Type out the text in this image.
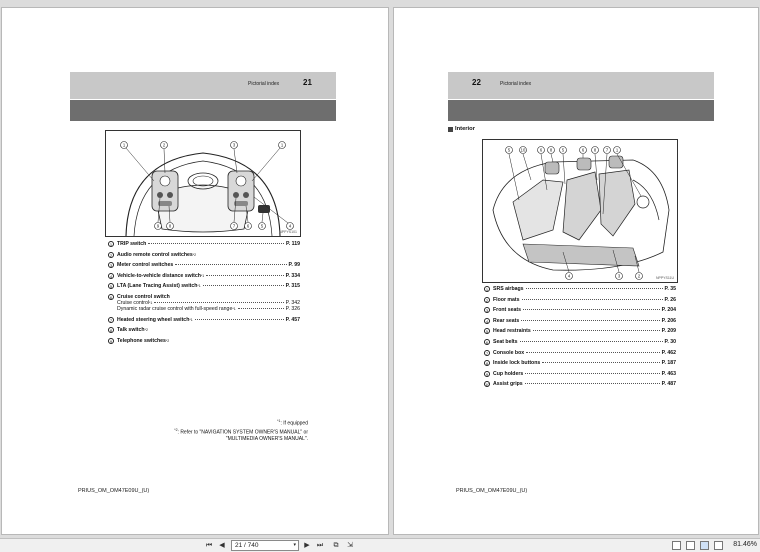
Pictorial index	21
1	2	3	1
9 8	7	6	5	4
NPPYS101
1 TRIP switch	P. 119
2 Audio remote control switches *2
3 Meter control switches	P. 99
4 Vehicle-to-vehicle distance switch *1	P. 334
5 LTA (Lane Tracing Assist) switch *1	P. 315
6 Cruise control switch
Cruise control *1	P. 342
Dynamic radar cruise control with full-speed range *1	P. 326
7 Heated steering wheel switch *1	P. 457
8 Talk switch *2
9 Telephone switches *2
$^{*1}$: If equipped
$^{*2}$: Refer to "NAVIGATION SYSTEM OWNER'S MANUAL" or
"MULTIMEDIA OWNER'S MANUAL".
PRIUS_OM_OM47E09U_(U)
22	Pictorial index
Interior
5 10	6 8 5	6 8 7 1
4	3	2	NPPYS11U
1 SRS airbags	P. 35
2 Floor mats	P. 26
3 Front seats	P. 204
4 Rear seats	P. 206
5 Head restraints	P. 209
6 Seat belts	P. 30
7 Console box	P. 462
8 Inside lock buttons	P. 187
9 Cup holders	P. 463
10 Assist grips	P. 487
PRIUS_OM_OM47E09U_(U)
⏮	◀	21 / 740	▾	▶	⏭	⧉	⇲	81.46%
